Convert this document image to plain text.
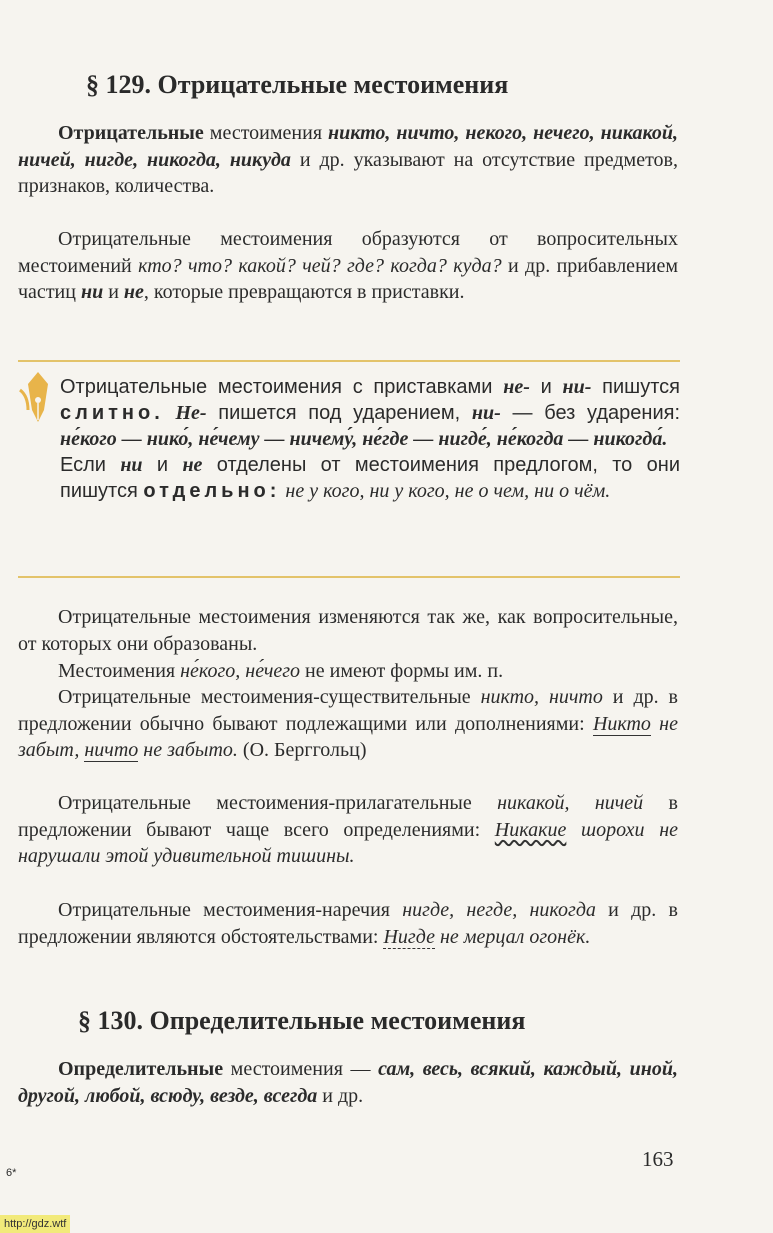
§ 129. Отрицательные местоимения

Отрицательные местоимения никто, ничто, некого, нечего, никакой, ничей, нигде, никогда, никуда и др. указывают на отсутствие предметов, признаков, количества.

Отрицательные местоимения образуются от вопросительных местоимений кто? что? какой? чей? где? когда? куда? и др. прибавлением частиц ни и не, которые превращаются в приставки.

Отрицательные местоимения с приставками не- и ни- пишутся слитно. Не- пишется под ударением, ни- — без ударения: не́кого — нико́, не́чему — ничему́, не́где — нигде́, не́когда — никогда́.
Если ни и не отделены от местоимения предлогом, то они пишутся отдельно: не у кого, ни у кого, не о чем, ни о чём.

Отрицательные местоимения изменяются так же, как вопросительные, от которых они образованы.

Местоимения не́кого, не́чего не имеют формы им. п.

Отрицательные местоимения-существительные никто, ничто и др. в предложении обычно бывают подлежащими или дополнениями: Никто не забыт, ничто не забыто. (О. Берггольц)

Отрицательные местоимения-прилагательные никакой, ничей в предложении бывают чаще всего определениями: Никакие шорохи не нарушали этой удивительной тишины.

Отрицательные местоимения-наречия нигде, негде, никогда и др. в предложении являются обстоятельствами: Нигде не мерцал огонёк.

§ 130. Определительные местоимения

Определительные местоимения — сам, весь, всякий, каждый, иной, другой, любой, всюду, везде, всегда и др.

163
6*
http://gdz.wtf
